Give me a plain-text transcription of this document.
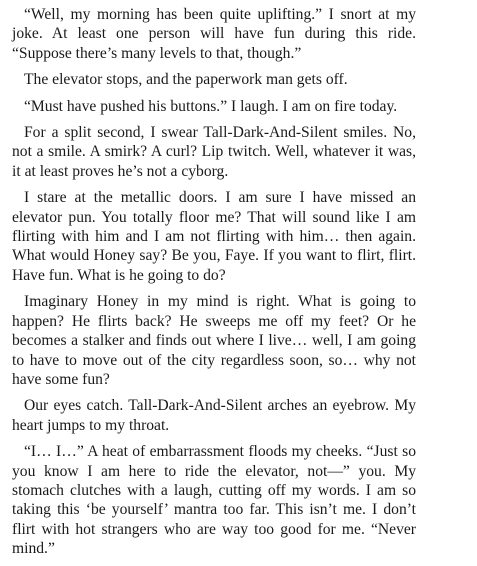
“Well, my morning has been quite uplifting.” I snort at my joke. At least one person will have fun during this ride. “Suppose there’s many levels to that, though.”

The elevator stops, and the paperwork man gets off.

“Must have pushed his buttons.” I laugh. I am on fire today.

For a split second, I swear Tall-Dark-And-Silent smiles. No, not a smile. A smirk? A curl? Lip twitch. Well, whatever it was, it at least proves he’s not a cyborg.

I stare at the metallic doors. I am sure I have missed an elevator pun. You totally floor me? That will sound like I am flirting with him and I am not flirting with him… then again. What would Honey say? Be you, Faye. If you want to flirt, flirt. Have fun. What is he going to do?

Imaginary Honey in my mind is right. What is going to happen? He flirts back? He sweeps me off my feet? Or he becomes a stalker and finds out where I live… well, I am going to have to move out of the city regardless soon, so… why not have some fun?

Our eyes catch. Tall-Dark-And-Silent arches an eyebrow. My heart jumps to my throat.

“I… I…” A heat of embarrassment floods my cheeks. “Just so you know I am here to ride the elevator, not—” you. My stomach clutches with a laugh, cutting off my words. I am so taking this ‘be yourself’ mantra too far. This isn’t me. I don’t flirt with hot strangers who are way too good for me. “Never mind.”
